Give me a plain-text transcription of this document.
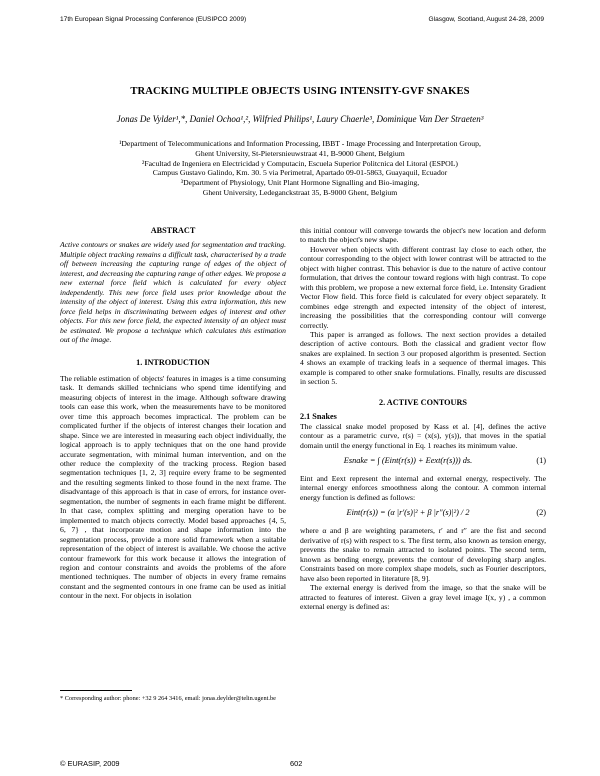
17th European Signal Processing Conference (EUSIPCO 2009)	Glasgow, Scotland, August 24-28, 2009
TRACKING MULTIPLE OBJECTS USING INTENSITY-GVF SNAKES
Jonas De Vylder¹,*, Daniel Ochoa¹,², Wilfried Philips¹, Laury Chaerle³, Dominique Van Der Straeten³
¹Department of Telecommunications and Information Processing, IBBT - Image Processing and Interpretation Group,
Ghent University, St-Pietersnieuwstraat 41, B-9000 Ghent, Belgium
²Facultad de Ingeniera en Electricidad y Computacin, Escuela Superior Politcnica del Litoral (ESPOL)
Campus Gustavo Galindo, Km. 30. 5 via Perimetral, Apartado 09-01-5863, Guayaquil, Ecuador
³Department of Physiology, Unit Plant Hormone Signalling and Bio-imaging,
Ghent University, Ledeganckstraat 35, B-9000 Ghent, Belgium

ABSTRACT

Active contours or snakes are widely used for segmentation and tracking. Multiple object tracking remains a difficult task, characterised by a trade off between increasing the capturing range of edges of the object of interest, and decreasing the capturing range of other edges. We propose a new external force field which is calculated for every object independently. This new force field uses prior knowledge about the intensity of the object of interest. Using this extra information, this new force field helps in discriminating between edges of interest and other objects. For this new force field, the expected intensity of an object must be estimated. We propose a technique which calculates this estimation out of the image.

1. INTRODUCTION

The reliable estimation of objects' features in images is a time consuming task. It demands skilled technicians who spend time identifying and measuring objects of interest in the image. Although software drawing tools can ease this work, when the measurements have to be monitored over time this approach becomes impractical. The problem can be complicated further if the objects of interest changes their location and shape. Since we are interested in measuring each object individually, the logical approach is to apply techniques that on the one hand provide accurate segmentation, with minimal human intervention, and on the other reduce the complexity of the tracking process. Region based segmentation techniques [1, 2, 3] require every frame to be segmented and the resulting segments linked to those found in the next frame. The disadvantage of this approach is that in case of errors, for instance over-segmentation, the number of segments in each frame might be different. In that case, complex splitting and merging operation have to be implemented to match objects correctly. Model based approaches {4, 5, 6, 7} , that incorporate motion and shape information into the segmentation process, provide a more solid framework when a suitable representation of the object of interest is available. We choose the active contour framework for this work because it allows the integration of region and contour constraints and avoids the problems of the afore mentioned techniques. The number of objects in every frame remains constant and the segmented contours in one frame can be used as initial contour in the next. For objects in isolation

this initial contour will converge towards the object's new location and deform to match the object's new shape.

However when objects with different contrast lay close to each other, the contour corresponding to the object with lower contrast will be attracted to the object with higher contrast. This behavior is due to the nature of active contour formulation, that drives the contour toward regions with high contrast. To cope with this problem, we propose a new external force field, i.e. Intensity Gradient Vector Flow field. This force field is calculated for every object separately. It combines edge strength and expected intensity of the object of interest, increasing the possibilities that the corresponding contour will converge correctly.

This paper is arranged as follows. The next section provides a detailed description of active contours. Both the classical and gradient vector flow snakes are explained. In section 3 our proposed algorithm is presented. Section 4 shows an example of tracking leafs in a sequence of thermal images. This example is compared to other snake formulations. Finally, results are discussed in section 5.

2. ACTIVE CONTOURS

2.1 Snakes

The classical snake model proposed by Kass et al. [4], defines the active contour as a parametric curve, r(s) = (x(s), y(s)), that moves in the spatial domain until the energy functional in Eq. 1 reaches its minimum value.

Esnake = ∫ (Eint(r(s)) + Eext(r(s))) ds.	(1)

Eint and Eext represent the internal and external energy, respectively. The internal energy enforces smoothness along the contour. A common internal energy function is defined as follows:

Eint(r(s)) = (α |r′(s)|² + β |r″(s)|²) / 2	(2)

where α and β are weighting parameters, r′ and r″ are the fist and second derivative of r(s) with respect to s. The first term, also known as tension energy, prevents the snake to remain attracted to isolated points. The second term, known as bending energy, prevents the contour of developing sharp angles. Constraints based on more complex shape models, such as Fourier descriptors, have also been reported in literature [8, 9].

The external energy is derived from the image, so that the snake will be attracted to features of interest. Given a gray level image I(x, y) , a common external energy is defined as:

* Corresponding author: phone: +32 9 264 3416, email: jonas.deylder@telin.ugent.be
© EURASIP, 2009	602
